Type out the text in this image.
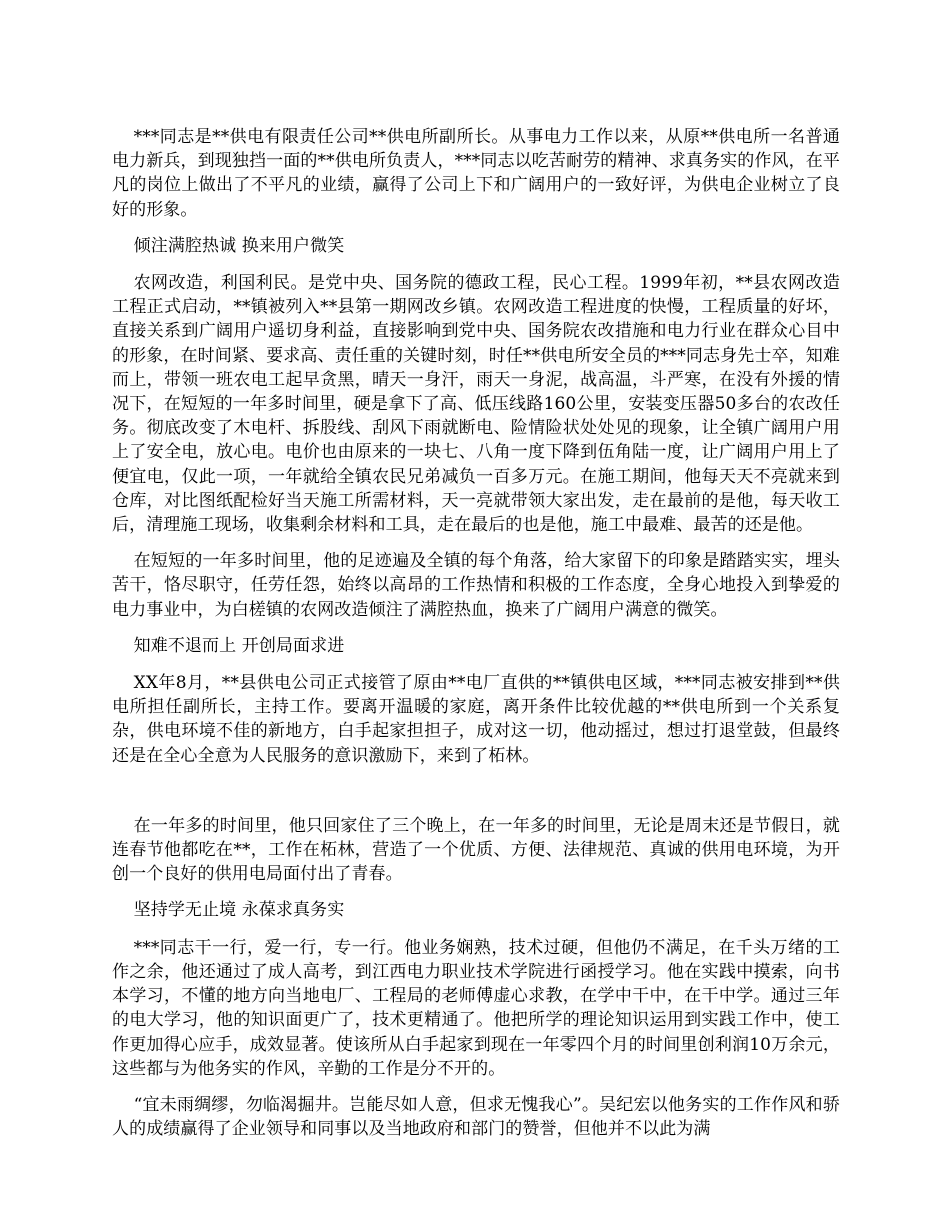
***同志是**供电有限责任公司**供电所副所长。从事电力工作以来，从原**供电所一名普通电力新兵，到现独挡一面的**供电所负责人，***同志以吃苦耐劳的精神、求真务实的作风，在平凡的岗位上做出了不平凡的业绩，赢得了公司上下和广阔用户的一致好评，为供电企业树立了良好的形象。

倾注满腔热诚 换来用户微笑

农网改造，利国利民。是党中央、国务院的德政工程，民心工程。1999年初，**县农网改造工程正式启动，**镇被列入**县第一期网改乡镇。农网改造工程进度的快慢，工程质量的好坏，直接关系到广阔用户遥切身利益，直接影响到党中央、国务院农改措施和电力行业在群众心目中的形象，在时间紧、要求高、责任重的关键时刻，时任**供电所安全员的***同志身先士卒，知难而上，带领一班农电工起早贪黑，晴天一身汗，雨天一身泥，战高温，斗严寒，在没有外援的情况下，在短短的一年多时间里，硬是拿下了高、低压线路160公里，安装变压器50多台的农改任务。彻底改变了木电杆、拆股线、刮风下雨就断电、险情险状处处见的现象，让全镇广阔用户用上了安全电，放心电。电价也由原来的一块七、八角一度下降到伍角陆一度，让广阔用户用上了便宜电，仅此一项，一年就给全镇农民兄弟减负一百多万元。在施工期间，他每天天不亮就来到仓库，对比图纸配检好当天施工所需材料，天一亮就带领大家出发，走在最前的是他，每天收工后，清理施工现场，收集剩余材料和工具，走在最后的也是他，施工中最难、最苦的还是他。

在短短的一年多时间里，他的足迹遍及全镇的每个角落，给大家留下的印象是踏踏实实，埋头苦干，恪尽职守，任劳任怨，始终以高昂的工作热情和积极的工作态度，全身心地投入到挚爱的电力事业中，为白槎镇的农网改造倾注了满腔热血，换来了广阔用户满意的微笑。

知难不退而上 开创局面求进

XX年8月，**县供电公司正式接管了原由**电厂直供的**镇供电区域，***同志被安排到**供电所担任副所长，主持工作。要离开温暖的家庭，离开条件比较优越的**供电所到一个关系复杂，供电环境不佳的新地方，白手起家担担子，成对这一切，他动摇过，想过打退堂鼓，但最终还是在全心全意为人民服务的意识激励下，来到了柘林。

在一年多的时间里，他只回家住了三个晚上，在一年多的时间里，无论是周末还是节假日，就连春节他都吃在**，工作在柘林，营造了一个优质、方便、法律规范、真诚的供用电环境，为开创一个良好的供用电局面付出了青春。

坚持学无止境 永葆求真务实

***同志干一行，爱一行，专一行。他业务娴熟，技术过硬，但他仍不满足，在千头万绪的工作之余，他还通过了成人高考，到江西电力职业技术学院进行函授学习。他在实践中摸索，向书本学习，不懂的地方向当地电厂、工程局的老师傅虚心求教，在学中干中，在干中学。通过三年的电大学习，他的知识面更广了，技术更精通了。他把所学的理论知识运用到实践工作中，使工作更加得心应手，成效显著。使该所从白手起家到现在一年零四个月的时间里创利润10万余元，这些都与为他务实的作风，辛勤的工作是分不开的。

“宜未雨绸缪，勿临渴掘井。岂能尽如人意，但求无愧我心”。吴纪宏以他务实的工作作风和骄人的成绩赢得了企业领导和同事以及当地政府和部门的赞誉，但他并不以此为满
